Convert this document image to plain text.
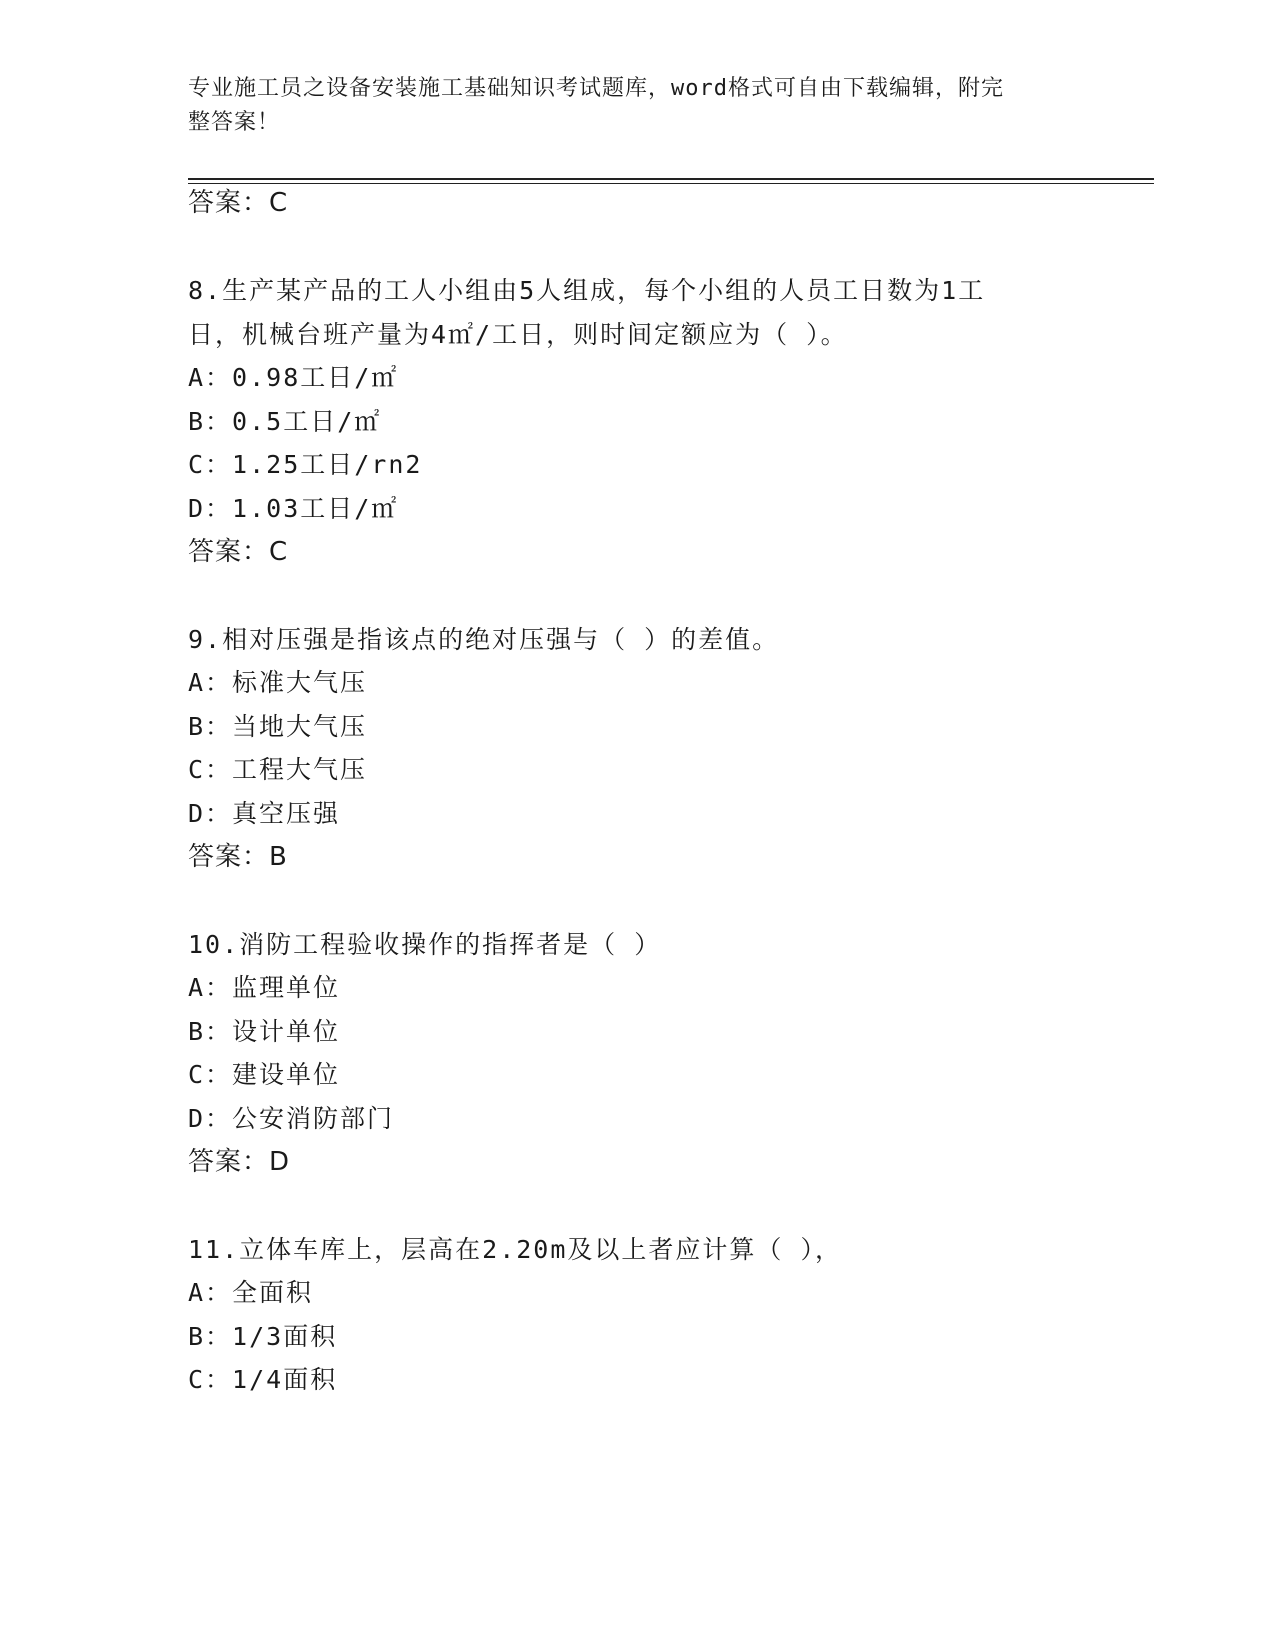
专业施工员之设备安装施工基础知识考试题库，word格式可自由下载编辑，附完
整答案！
答案：C
8.生产某产品的工人小组由5人组成，每个小组的人员工日数为1工
日，机械台班产量为4㎡/工日，则时间定额应为（ ）。
A：0.98工日/㎡
B：0.5工日/㎡
C：1.25工日/rn2
D：1.03工日/㎡
答案：C
9.相对压强是指该点的绝对压强与（ ）的差值。
A：标准大气压
B：当地大气压
C：工程大气压
D：真空压强
答案：B
10.消防工程验收操作的指挥者是（ ）
A：监理单位
B：设计单位
C：建设单位
D：公安消防部门
答案：D
11.立体车库上，层高在2.20m及以上者应计算（ ），
A：全面积
B：1/3面积
C：1/4面积
